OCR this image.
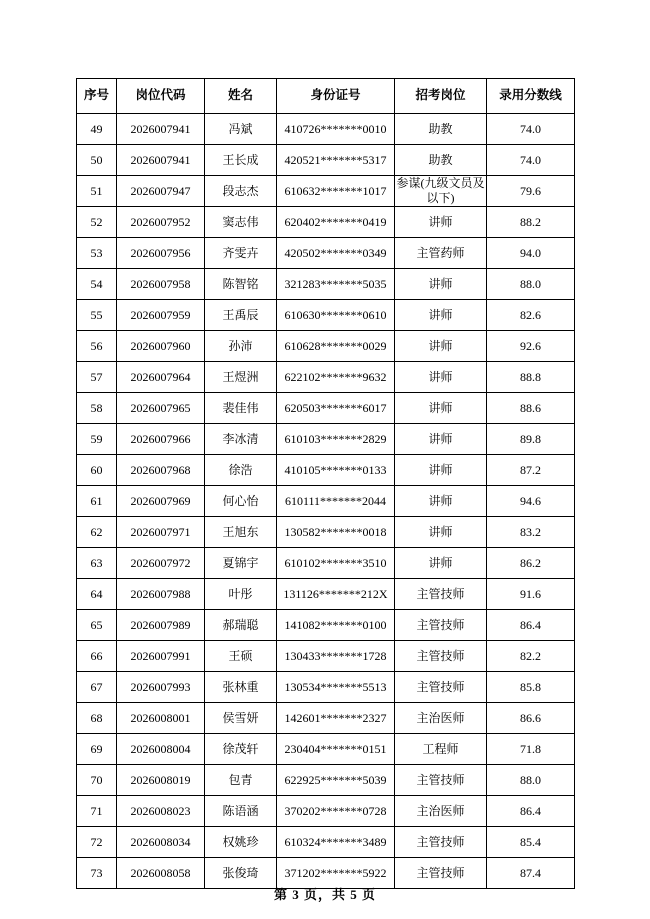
序号	岗位代码	姓名	身份证号	招考岗位	录用分数线
49	2026007941	冯斌	410726*******0010	助教	74.0
50	2026007941	王长成	420521*******5317	助教	74.0
51	2026007947	段志杰	610632*******1017	参谋(九级文员及以下)	79.6
52	2026007952	窦志伟	620402*******0419	讲师	88.2
53	2026007956	齐雯卉	420502*******0349	主管药师	94.0
54	2026007958	陈智铭	321283*******5035	讲师	88.0
55	2026007959	王禹辰	610630*******0610	讲师	82.6
56	2026007960	孙沛	610628*******0029	讲师	92.6
57	2026007964	王煜洲	622102*******9632	讲师	88.8
58	2026007965	裴佳伟	620503*******6017	讲师	88.6
59	2026007966	李冰清	610103*******2829	讲师	89.8
60	2026007968	徐浩	410105*******0133	讲师	87.2
61	2026007969	何心怡	610111*******2044	讲师	94.6
62	2026007971	王旭东	130582*******0018	讲师	83.2
63	2026007972	夏锦宇	610102*******3510	讲师	86.2
64	2026007988	叶彤	131126*******212X	主管技师	91.6
65	2026007989	郝瑞聪	141082*******0100	主管技师	86.4
66	2026007991	王硕	130433*******1728	主管技师	82.2
67	2026007993	张林重	130534*******5513	主管技师	85.8
68	2026008001	侯雪妍	142601*******2327	主治医师	86.6
69	2026008004	徐茂轩	230404*******0151	工程师	71.8
70	2026008019	包青	622925*******5039	主管技师	88.0
71	2026008023	陈语涵	370202*******0728	主治医师	86.4
72	2026008034	权姚珍	610324*******3489	主管技师	85.4
73	2026008058	张俊琦	371202*******5922	主管技师	87.4
第 3 页，共 5 页
